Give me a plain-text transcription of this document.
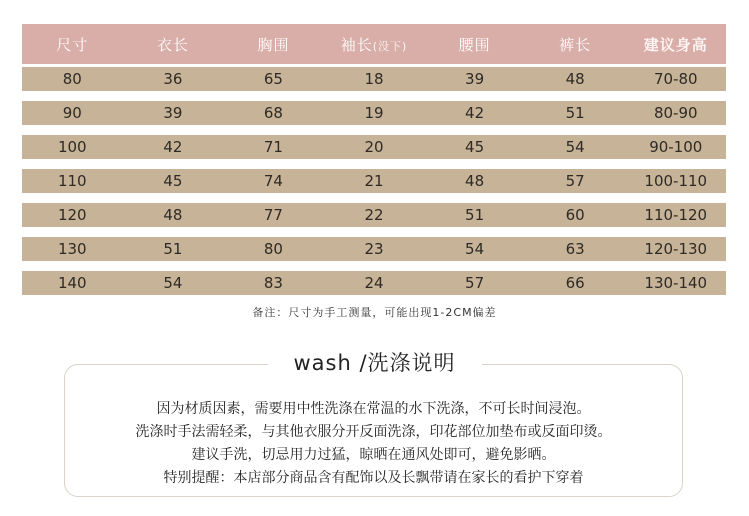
尺寸	衣长	胸围	袖长(没下)	腰围	裤长	建议身高
80	36	65	18	39	48	70-80
90	39	68	19	42	51	80-90
100	42	71	20	45	54	90-100
110	45	74	21	48	57	100-110
120	48	77	22	51	60	110-120
130	51	80	23	54	63	120-130
140	54	83	24	57	66	130-140
备注：尺寸为手工测量，可能出现1-2CM偏差
wash /洗涤说明
因为材质因素，需要用中性洗涤在常温的水下洗涤，不可长时间浸泡。
洗涤时手法需轻柔，与其他衣服分开反面洗涤，印花部位加垫布或反面印烫。
建议手洗，切忌用力过猛，晾晒在通风处即可，避免影晒。
特别提醒：本店部分商品含有配饰以及长飘带请在家长的看护下穿着
